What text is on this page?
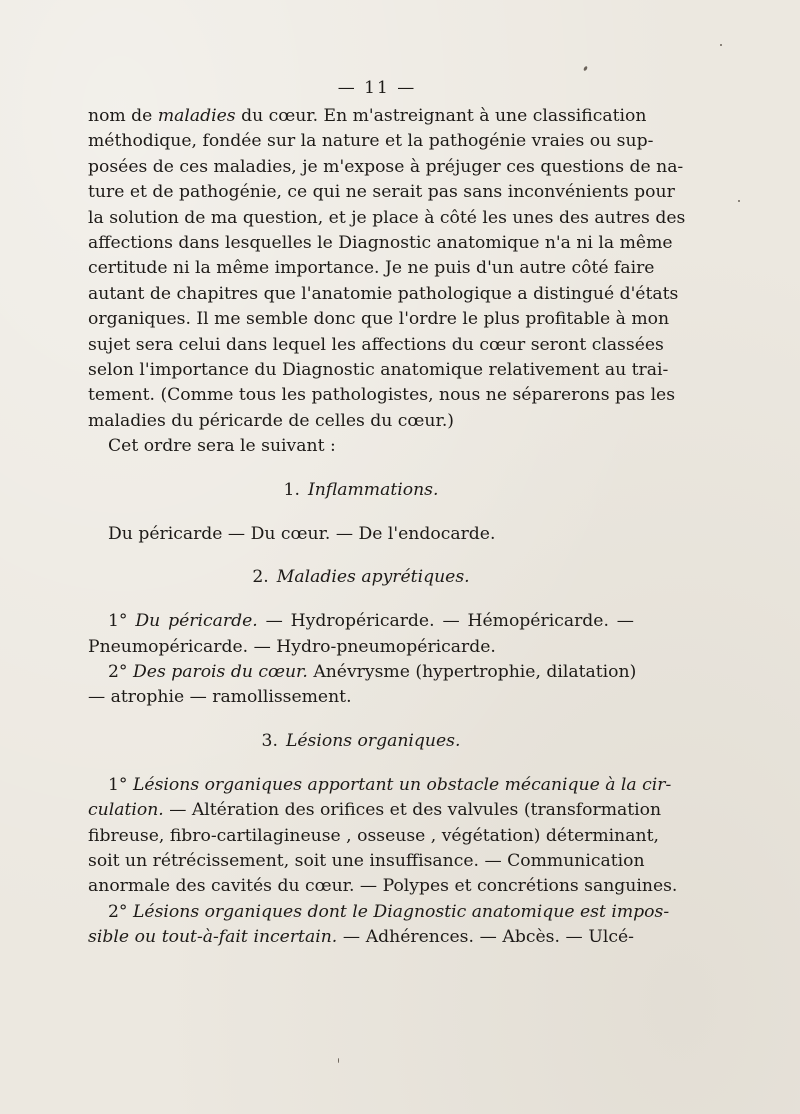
— 11 —
nom de maladies du cœur. En m'astreignant à une classification
méthodique, fondée sur la nature et la pathogénie vraies ou sup-
posées de ces maladies, je m'expose à préjuger ces questions de na-
ture et de pathogénie, ce qui ne serait pas sans inconvénients pour
la solution de ma question, et je place à côté les unes des autres des
affections dans lesquelles le Diagnostic anatomique n'a ni la même
certitude ni la même importance. Je ne puis d'un autre côté faire
autant de chapitres que l'anatomie pathologique a distingué d'états
organiques. Il me semble donc que l'ordre le plus profitable à mon
sujet sera celui dans lequel les affections du cœur seront classées
selon l'importance du Diagnostic anatomique relativement au trai-
tement. (Comme tous les pathologistes, nous ne séparerons pas les
maladies du péricarde de celles du cœur.)
Cet ordre sera le suivant :
1. Inflammations.
Du péricarde — Du cœur. — De l'endocarde.
2. Maladies apyrétiques.
1° Du péricarde. — Hydropéricarde. — Hémopéricarde. —
Pneumopéricarde. — Hydro-pneumopéricarde.
2° Des parois du cœur. Anévrysme (hypertrophie, dilatation)
— atrophie — ramollissement.
3. Lésions organiques.
1° Lésions organiques apportant un obstacle mécanique à la cir-
culation. — Altération des orifices et des valvules (transformation
fibreuse, fibro-cartilagineuse , osseuse , végétation) déterminant,
soit un rétrécissement, soit une insuffisance. — Communication
anormale des cavités du cœur. — Polypes et concrétions sanguines.
2° Lésions organiques dont le Diagnostic anatomique est impos-
sible ou tout-à-fait incertain. — Adhérences. — Abcès. — Ulcé-
